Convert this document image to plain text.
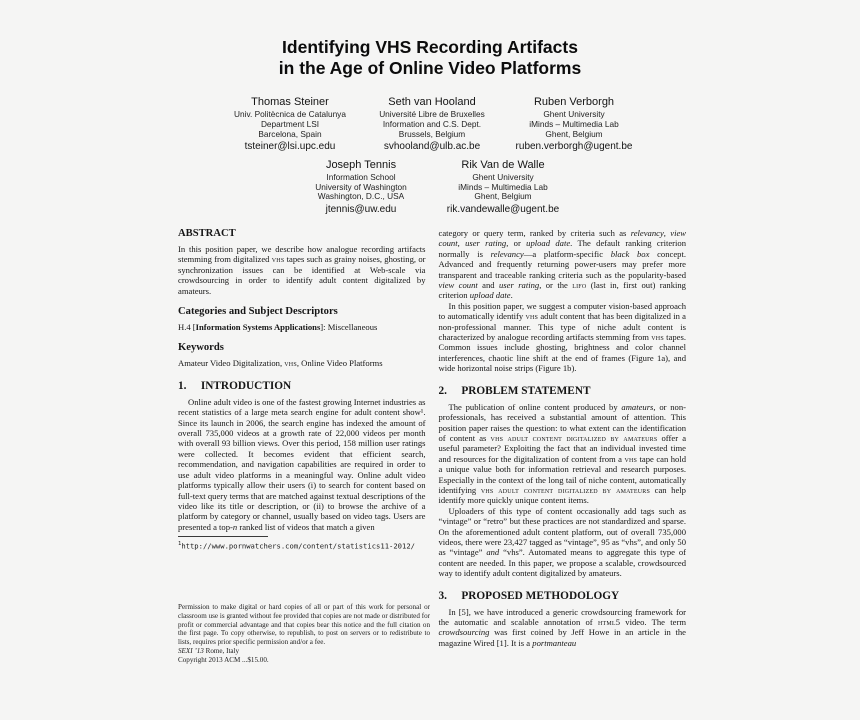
Identifying VHS Recording Artifacts
in the Age of Online Video Platforms
Thomas Steiner
Univ. Politècnica de Catalunya
Department LSI
Barcelona, Spain
tsteiner@lsi.upc.edu
Seth van Hooland
Université Libre de Bruxelles
Information and C.S. Dept.
Brussels, Belgium
svhooland@ulb.ac.be
Ruben Verborgh
Ghent University
iMinds – Multimedia Lab
Ghent, Belgium
ruben.verborgh@ugent.be
Joseph Tennis
Information School
University of Washington
Washington, D.C., USA
jtennis@uw.edu
Rik Van de Walle
Ghent University
iMinds – Multimedia Lab
Ghent, Belgium
rik.vandewalle@ugent.be
ABSTRACT

In this position paper, we describe how analogue recording artifacts stemming from digitalized vhs tapes such as grainy noises, ghosting, or synchronization issues can be identified at Web-scale via crowdsourcing in order to identify adult content digitalized by amateurs.

Categories and Subject Descriptors

H.4 [Information Systems Applications]: Miscellaneous

Keywords

Amateur Video Digitalization, vhs, Online Video Platforms

1. INTRODUCTION

Online adult video is one of the fastest growing Internet industries as recent statistics of a large meta search engine for adult content show¹. Since its launch in 2006, the search engine has indexed the amount of overall 735,000 videos at a growth rate of 22,000 videos per month with overall 93 billion views. Over this period, 158 million user ratings were collected. It becomes evident that efficient search, recommendation, and navigation capabilities are required in order to use adult video platforms in a meaningful way. Online adult video platforms typically allow their users (i) to search for content based on full-text query terms that are matched against textual descriptions of the video like its title or description, or (ii) to browse the archive of a platform by category or channel, usually based on video tags. Users are presented a top-n ranked list of videos that match a given

$^1$http://www.pornwatchers.com/content/statistics11-2012/

category or query term, ranked by criteria such as relevancy, view count, user rating, or upload date. The default ranking criterion normally is relevancy—a platform-specific black box concept. Advanced and frequently returning power-users may prefer more transparent and traceable ranking criteria such as the popularity-based view count and user rating, or the lifo (last in, first out) ranking criterion upload date.

In this position paper, we suggest a computer vision-based approach to automatically identify vhs adult content that has been digitalized in a non-professional manner. This type of niche adult content is characterized by analogue recording artifacts stemming from vhs tapes. Common issues include ghosting, brightness and color channel interferences, chaotic line shift at the end of frames (Figure 1a), and wide horizontal noise strips (Figure 1b).

2. PROBLEM STATEMENT

The publication of online content produced by amateurs, or non-professionals, has received a substantial amount of attention. This position paper raises the question: to what extent can the identification of content as vhs adult content digitalized by amateurs offer a useful parameter? Exploiting the fact that an individual invested time and resources for the digitalization of content from a vhs tape can hold a unique value both for information retrieval and research purposes. Especially in the context of the long tail of niche content, automatically identifying vhs adult content digitalized by amateurs can help identify more quickly unique content items.

Uploaders of this type of content occasionally add tags such as “vintage” or “retro” but these practices are not standardized and sparse. On the aforementioned adult content platform, out of overall 735,000 videos, there were 23,427 tagged as “vintage”, 95 as “vhs”, and only 50 as “vintage” and “vhs”. Automated means to aggregate this type of content are needed. In this paper, we propose a scalable, crowdsourced way to identify adult content digitalized by amateurs.

3. PROPOSED METHODOLOGY

In [5], we have introduced a generic crowdsourcing framework for the automatic and scalable annotation of html5 video. The term crowdsourcing was first coined by Jeff Howe in an article in the magazine Wired [1]. It is a portmanteau

Permission to make digital or hard copies of all or part of this work for personal or classroom use is granted without fee provided that copies are not made or distributed for profit or commercial advantage and that copies bear this notice and the full citation on the first page. To copy otherwise, to republish, to post on servers or to redistribute to lists, requires prior specific permission and/or a fee.
SEXI ’13 Rome, Italy
Copyright 2013 ACM ...$15.00.
